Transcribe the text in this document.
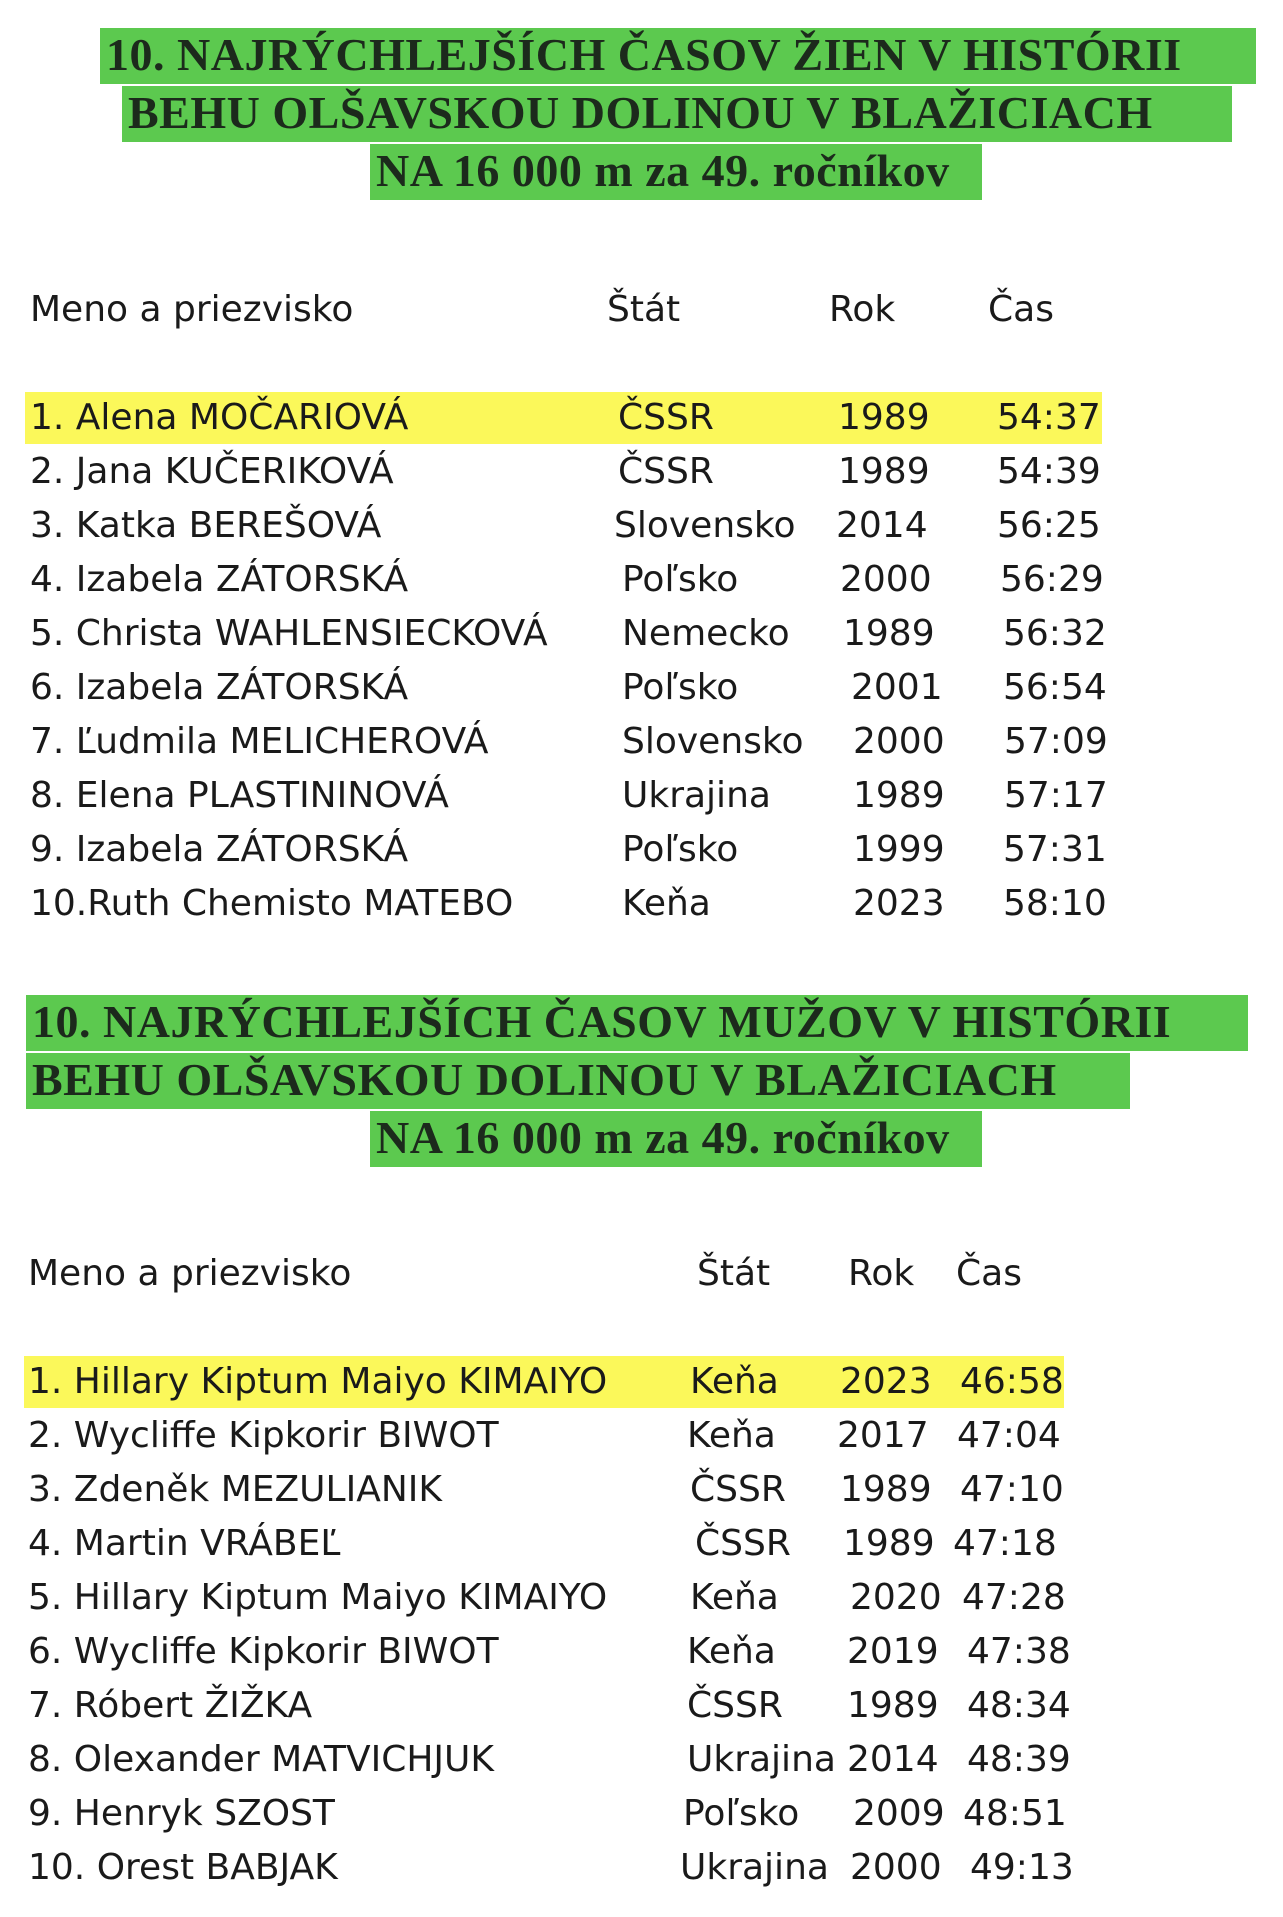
10. NAJRÝCHLEJŠÍCH ČASOV ŽIEN V HISTÓRII
BEHU OLŠAVSKOU DOLINOU V BLAŽICIACH
NA 16 000 m za 49. ročníkov
Meno a priezvisko	Štát	Rok	Čas
1. Alena MOČARIOVÁ	ČSSR	1989 54:37
2. Jana KUČERIKOVÁ	ČSSR	1989 54:39
3. Katka BEREŠOVÁ	Slovensko 2014 56:25
4. Izabela ZÁTORSKÁ	Poľsko	2000 56:29
5. Christa WAHLENSIECKOVÁ Nemecko 1989 56:32
6. Izabela ZÁTORSKÁ	Poľsko	2001 56:54
7. Ľudmila MELICHEROVÁ	Slovensko 2000 57:09
8. Elena PLASTININOVÁ	Ukrajina 1989 57:17
9. Izabela ZÁTORSKÁ	Poľsko	1999 57:31
10.Ruth Chemisto MATEBO	Keňa	2023 58:10
10. NAJRÝCHLEJŠÍCH ČASOV MUŽOV V HISTÓRII
BEHU OLŠAVSKOU DOLINOU V BLAŽICIACH
NA 16 000 m za 49. ročníkov
Meno a priezvisko	Štát Rok Čas
1. Hillary Kiptum Maiyo KIMAIYO Keňa 2023 46:58
2. Wycliffe Kipkorir BIWOT	Keňa 2017 47:04
3. Zdeněk MEZULIANIK	ČSSR 1989 47:10
4. Martin VRÁBEĽ	ČSSR 1989 47:18
5. Hillary Kiptum Maiyo KIMAIYO Keňa 2020 47:28
6. Wycliffe Kipkorir BIWOT	Keňa 2019 47:38
7. Róbert ŽIŽKA	ČSSR 1989 48:34
8. Olexander MATVICHJUK	Ukrajina 2014 48:39
9. Henryk SZOST	Poľsko 2009 48:51
10. Orest BABJAK	Ukrajina 2000 49:13
